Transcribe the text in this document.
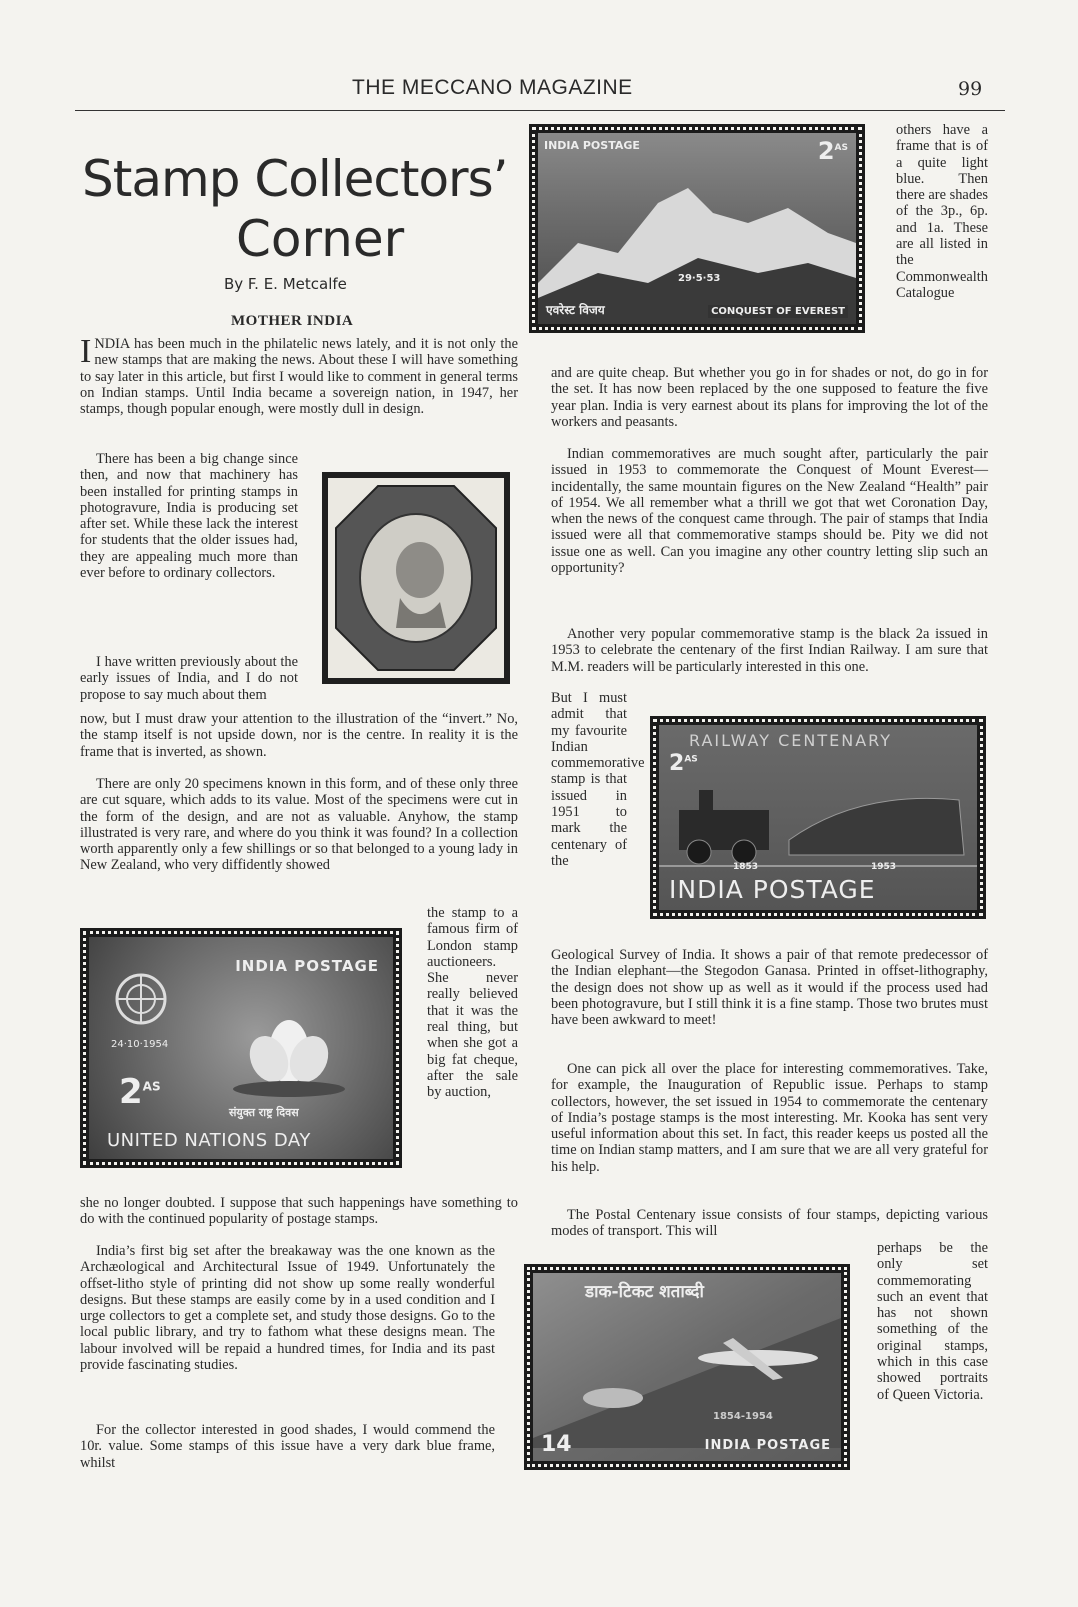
THE MECCANO MAGAZINE	99
Stamp Collectors’
Corner
By F. E. Metcalfe
MOTHER INDIA

INDIA has been much in the philatelic news lately, and it is not only the new stamps that are making the news. About these I will have something to say later in this article, but first I would like to comment in general terms on Indian stamps. Until India became a sovereign nation, in 1947, her stamps, though popular enough, were mostly dull in design.

There has been a big change since then, and now that machinery has been installed for printing stamps in photogravure, India is producing set after set. While these lack the interest for students that the older issues had, they are appealing much more than ever before to ordinary collectors.

I have written previously about the early issues of India, and I do not propose to say much about them

now, but I must draw your attention to the illustration of the “invert.” No, the stamp itself is not upside down, nor is the centre. In reality it is the frame that is inverted, as shown.

There are only 20 specimens known in this form, and of these only three are cut square, which adds to its value. Most of the specimens were cut in the form of the design, and are not as valuable. Anyhow, the stamp illustrated is very rare, and where do you think it was found? In a collection worth apparently only a few shillings or so that belonged to a young lady in New Zealand, who very diffidently showed

the stamp to a famous firm of London stamp auctioneers. She never really believed that it was the real thing, but when she got a big fat cheque, after the sale by auction,

she no longer doubted. I suppose that such happenings have something to do with the continued popularity of postage stamps.

India’s first big set after the breakaway was the one known as the Archæological and Architectural Issue of 1949. Unfortunately the offset-litho style of printing did not show up some really wonderful designs. But these stamps are easily come by in a used condition and I urge collectors to get a complete set, and study those designs. Go to the local public library, and try to fathom what these designs mean. The labour involved will be repaid a hundred times, for India and its past provide fascinating studies.

For the collector interested in good shades, I would commend the 10r. value. Some stamps of this issue have a very dark blue frame, whilst

others have a frame that is of a quite light blue. Then there are shades of the 3p., 6p. and 1a. These are all listed in the Commonwealth Catalogue

and are quite cheap. But whether you go in for shades or not, do go in for the set. It has now been replaced by the one supposed to feature the five year plan. India is very earnest about its plans for improving the lot of the workers and peasants.

Indian commemoratives are much sought after, particularly the pair issued in 1953 to commemorate the Conquest of Mount Everest—incidentally, the same mountain figures on the New Zealand “Health” pair of 1954. We all remember what a thrill we got that wet Coronation Day, when the news of the conquest came through. The pair of stamps that India issued were all that commemorative stamps should be. Pity we did not issue one as well. Can you imagine any other country letting slip such an opportunity?

Another very popular commemorative stamp is the black 2a issued in 1953 to celebrate the centenary of the first Indian Railway. I am sure that M.M. readers will be particularly interested in this one.

But I must admit that my favourite Indian commemorative stamp is that issued in 1951 to mark the centenary of the

Geological Survey of India. It shows a pair of that remote predecessor of the Indian elephant—the Stegodon Ganasa. Printed in offset-lithography, the design does not show up as well as it would if the process used had been photogravure, but I still think it is a fine stamp. Those two brutes must have been awkward to meet!

One can pick all over the place for interesting commemoratives. Take, for example, the Inauguration of Republic issue. Perhaps to stamp collectors, however, the set issued in 1954 to commemorate the centenary of India’s postage stamps is the most interesting. Mr. Kooka has sent very useful information about this set. In fact, this reader keeps us posted all the time on Indian stamp matters, and I am sure that we are all very grateful for his help.

The Postal Centenary issue consists of four stamps, depicting various modes of transport. This will

perhaps be the only set commemorating such an event that has not shown something of the original stamps, which in this case showed portraits of Queen Victoria.

INDIA POSTAGE	$2^{AS}$
29·5·53
एवरेस्ट विजय	CONQUEST OF EVEREST
INDIA POSTAGE
24·10·1954
$2^{AS}$
संयुक्त राष्ट्र दिवस
UNITED NATIONS DAY
RAILWAY CENTENARY
$2^{AS}$
1853	1953
INDIA POSTAGE
डाक-टिकट शताब्दी
1854-1954
14	INDIA POSTAGE
